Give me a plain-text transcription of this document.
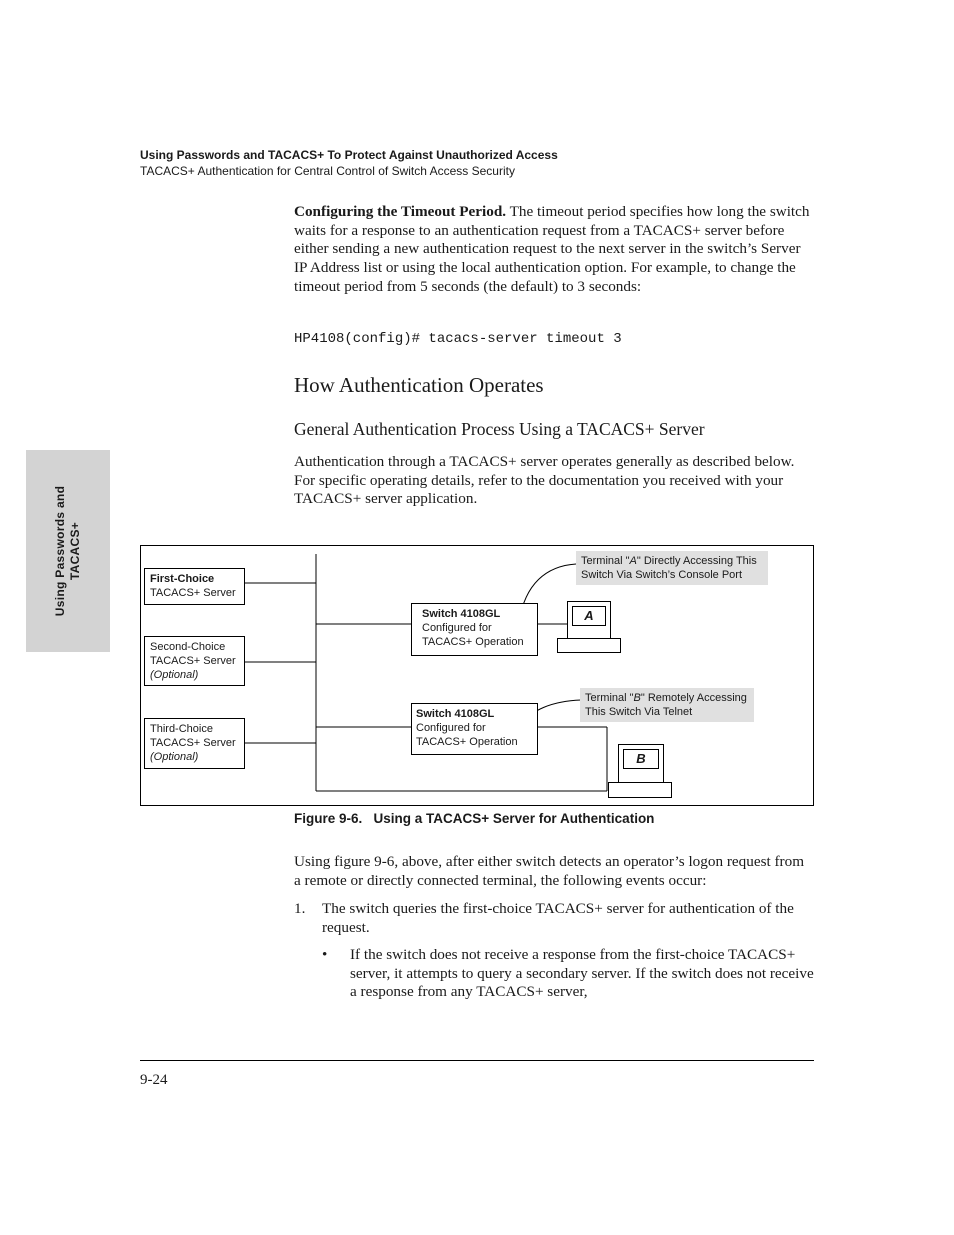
Using Passwords and TACACS+ To Protect Against Unauthorized Access
TACACS+ Authentication for Central Control of Switch Access Security
Using Passwords and TACACS+
Configuring the Timeout Period. The timeout period specifies how long the switch waits for a response to an authentication request from a TACACS+ server before either sending a new authentication request to the next server in the switch’s Server IP Address list or using the local authentication option. For example, to change the timeout period from 5 seconds (the default) to 3 seconds:
HP4108(config)# tacacs-server timeout 3
How Authentication Operates
General Authentication Process Using a TACACS+ Server
Authentication through a TACACS+ server operates generally as described below. For specific operating details, refer to the documentation you received with your TACACS+ server application.
First-Choice
TACACS+ Server
Second-Choice
TACACS+ Server
(Optional)
Third-Choice
TACACS+ Server
(Optional)
Switch 4108GL
Configured for
TACACS+ Operation
Switch 4108GL
Configured for
TACACS+ Operation
Terminal "A" Directly Accessing This
Switch Via Switch’s Console Port
Terminal "B" Remotely Accessing
This Switch Via Telnet
A
B
Figure 9-6.   Using a TACACS+ Server for Authentication
Using figure 9-6, above, after either switch detects an operator’s logon request from a remote or directly connected terminal, the following events occur:
1. The switch queries the first-choice TACACS+ server for authentication of the request.
• If the switch does not receive a response from the first-choice TACACS+ server, it attempts to query a secondary server. If the switch does not receive a response from any TACACS+ server,
9-24
